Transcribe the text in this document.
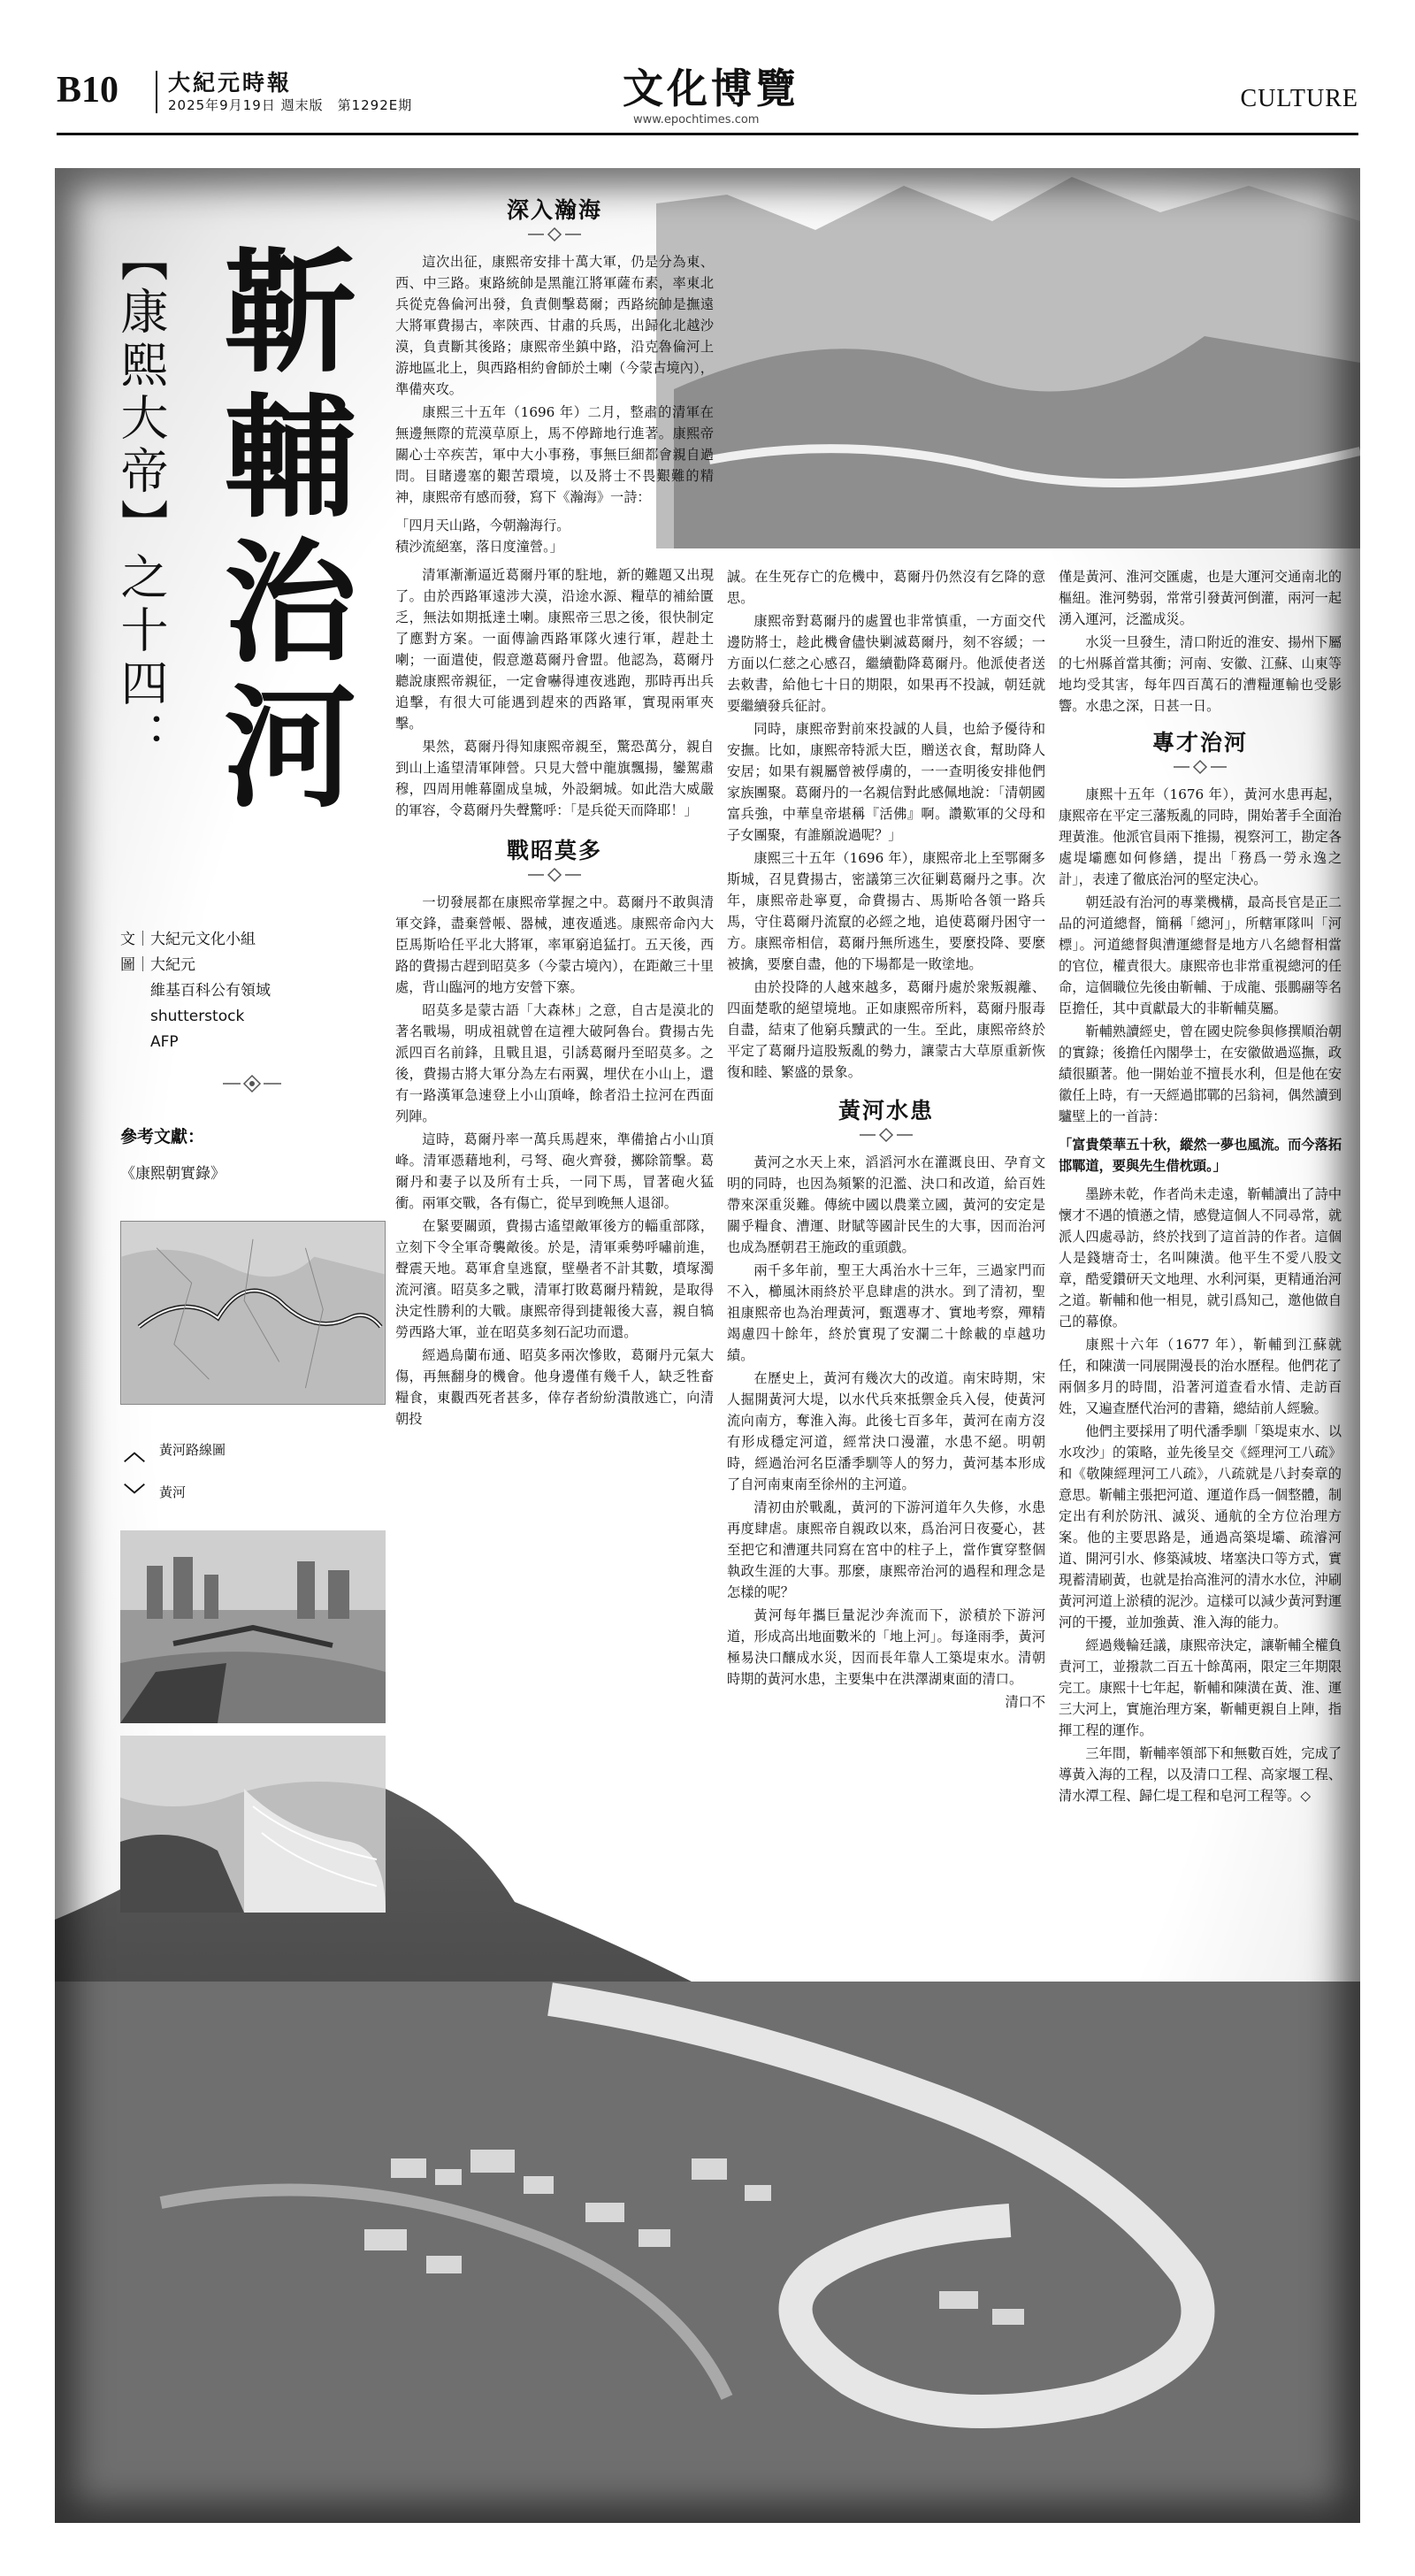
B10 大紀元時報
2025年9月19日 週末版　第1292E期	文化博覽
www.epochtimes.com
CULTURE
【康熙大帝】之十四： 靳輔治河
文｜大紀元文化小組
圖｜大紀元
維基百科公有領域
shutterstock
AFP
參考文獻：
《康熙朝實錄》
︿ 黃河路線圖
﹀ 黃河
深入瀚海

這次出征，康熙帝安排十萬大軍，仍是分為東、西、中三路。東路統帥是黑龍江將軍薩布素，率東北兵從克魯倫河出發，負責側擊葛爾；西路統帥是撫遠大將軍費揚古，率陝西、甘肅的兵馬，出歸化北越沙漠，負責斷其後路；康熙帝坐鎮中路，沿克魯倫河上游地區北上，與西路相約會師於土喇（今蒙古境內），準備夾攻。

康熙三十五年（1696 年）二月，整肅的清軍在無邊無際的荒漠草原上，馬不停蹄地行進著。康熙帝關心士卒疾苦，軍中大小事務，事無巨細都會親自過問。目睹邊塞的艱苦環境，以及將士不畏艱難的精神，康熙帝有感而發，寫下《瀚海》一詩：

「四月天山路，今朝瀚海行。

積沙流絕塞，落日度潼營。」

清軍漸漸逼近葛爾丹軍的駐地，新的難題又出現了。由於西路軍遠涉大漠，沿途水源、糧草的補給匱乏，無法如期抵達土喇。康熙帝三思之後，很快制定了應對方案。一面傳諭西路軍隊火速行軍，趕赴土喇；一面遣使，假意邀葛爾丹會盟。他認為，葛爾丹聽說康熙帝親征，一定會嚇得連夜逃跑，那時再出兵追擊，有很大可能遇到趕來的西路軍，實現兩軍夾擊。

果然，葛爾丹得知康熙帝親至，驚恐萬分，親自到山上遙望清軍陣營。只見大營中龍旗飄揚，鑾駕肅穆，四周用帷幕圍成皇城，外設網城。如此浩大威嚴的軍容，令葛爾丹失聲驚呼：「是兵從天而降耶！」

戰昭莫多

一切發展都在康熙帝掌握之中。葛爾丹不敢與清軍交鋒，盡棄營帳、器械，連夜遁逃。康熙帝命內大臣馬斯哈任平北大將軍，率軍窮追猛打。五天後，西路的費揚古趕到昭莫多（今蒙古境內），在距敵三十里處，背山臨河的地方安營下寨。

昭莫多是蒙古語「大森林」之意，自古是漠北的著名戰場，明成祖就曾在這裡大破阿魯台。費揚古先派四百名前鋒，且戰且退，引誘葛爾丹至昭莫多。之後，費揚古將大軍分為左右兩翼，埋伏在小山上，還有一路漢軍急速登上小山頂峰，餘者沿土拉河在西面列陣。

這時，葛爾丹率一萬兵馬趕來，準備搶占小山頂峰。清軍憑藉地利，弓弩、砲火齊發，擲除箭擊。葛爾丹和妻子以及所有士兵，一同下馬，冒著砲火猛衝。兩軍交戰，各有傷亡，從早到晚無人退卻。

在緊要關頭，費揚古遙望敵軍後方的輜重部隊，立刻下令全軍奇襲敵後。於是，清軍乘勢呼嘯前進，聲震天地。葛軍倉皇逃竄，壁壘者不計其數，墳塚濁流河濱。昭莫多之戰，清軍打敗葛爾丹精銳，是取得決定性勝利的大戰。康熙帝得到捷報後大喜，親自犒勞西路大軍，並在昭莫多刻石記功而還。

經過烏蘭布通、昭莫多兩次慘敗，葛爾丹元氣大傷，再無翻身的機會。他身邊僅有幾千人，缺乏牲畜糧食，東觀西死者甚多，倖存者紛紛潰散逃亡，向清朝投

誠。在生死存亡的危機中，葛爾丹仍然沒有乞降的意思。

康熙帝對葛爾丹的處置也非常慎重，一方面交代邊防將士，趁此機會儘快剿滅葛爾丹，刻不容緩；一方面以仁慈之心感召，繼續勸降葛爾丹。他派使者送去敕書，給他七十日的期限，如果再不投誠，朝廷就要繼續發兵征討。

同時，康熙帝對前來投誠的人員，也給予優待和安撫。比如，康熙帝特派大臣，贈送衣食，幫助降人安居；如果有親屬曾被俘虜的，一一查明後安排他們家族團聚。葛爾丹的一名親信對此感佩地說：「清朝國富兵強，中華皇帝堪稱『活佛』啊。讚歎軍的父母和子女團聚，有誰願說過呢？」

康熙三十五年（1696 年），康熙帝北上至鄂爾多斯城，召見費揚古，密議第三次征剿葛爾丹之事。次年，康熙帝赴寧夏，命費揚古、馬斯哈各領一路兵馬，守住葛爾丹流竄的必經之地，追使葛爾丹困守一方。康熙帝相信，葛爾丹無所逃生，要麼投降、要麼被擒，要麼自盡，他的下場都是一敗塗地。

由於投降的人越來越多，葛爾丹處於衆叛親離、四面楚歌的絕望境地。正如康熙帝所料，葛爾丹服毒自盡，結束了他窮兵黷武的一生。至此，康熙帝終於平定了葛爾丹這股叛亂的勢力，讓蒙古大草原重新恢復和睦、繁盛的景象。

黃河水患

黃河之水天上來，滔滔河水在灌溉良田、孕育文明的同時，也因為頻繁的氾濫、決口和改道，給百姓帶來深重災難。傳統中國以農業立國，黃河的安定是關乎糧食、漕運、財賦等國計民生的大事，因而治河也成為歷朝君王施政的重頭戲。

兩千多年前，聖王大禹治水十三年，三過家門而不入，櫛風沐雨終於平息肆虐的洪水。到了清初，聖祖康熙帝也為治理黃河，甄選專才、實地考察，殫精竭慮四十餘年，終於實現了安瀾二十餘載的卓越功績。

在歷史上，黃河有幾次大的改道。南宋時期，宋人掘開黃河大堤，以水代兵來抵禦金兵入侵，使黃河流向南方，奪淮入海。此後七百多年，黃河在南方沒有形成穩定河道，經常決口漫灌，水患不絕。明朝時，經過治河名臣潘季馴等人的努力，黃河基本形成了自河南東南至徐州的主河道。

清初由於戰亂，黃河的下游河道年久失修，水患再度肆虐。康熙帝自親政以來，爲治河日夜憂心，甚至把它和漕運共同寫在宮中的柱子上，當作實穿整個執政生涯的大事。那麼，康熙帝治河的過程和理念是怎樣的呢？

黃河每年攜巨量泥沙奔流而下，淤積於下游河道，形成高出地面數米的「地上河」。每逢雨季，黃河極易決口釀成水災，因而長年靠人工築堤束水。清朝時期的黃河水患，主要集中在洪澤湖東面的清口。

清口不

僅是黃河、淮河交匯處，也是大運河交通南北的樞紐。淮河勢弱，常常引發黃河倒灌，兩河一起湧入運河，泛濫成災。

水災一旦發生，清口附近的淮安、揚州下屬的七州縣首當其衝；河南、安徽、江蘇、山東等地均受其害，每年四百萬石的漕糧運輸也受影響。水患之深，日甚一日。

專才治河

康熙十五年（1676 年），黃河水患再起，康熙帝在平定三藩叛亂的同時，開始著手全面治理黃淮。他派官員兩下推揚，視察河工，勘定各處堤壩應如何修繕，提出「務爲一勞永逸之計」，表達了徹底治河的堅定決心。

朝廷設有治河的專業機構，最高長官是正二品的河道總督，簡稱「總河」，所轄軍隊叫「河標」。河道總督與漕運總督是地方八名總督相當的官位，權責很大。康熙帝也非常重視總河的任命，這個職位先後由靳輔、于成龍、張鵬翮等名臣擔任，其中貢獻最大的非靳輔莫屬。

靳輔熟讀經史，曾在國史院參與修撰順治朝的實錄；後擔任內閣學士，在安徽做過巡撫，政績很顯著。他一開始並不擅長水利，但是他在安徽任上時，有一天經過邯鄲的呂翁祠，偶然讀到驢壁上的一首詩：

「富貴榮華五十秋，縱然一夢也風流。而今落拓邯鄲道，要與先生借枕頭。」

墨跡未乾，作者尚未走遠，靳輔讀出了詩中懷才不遇的憤懣之情，感覺這個人不同尋常，就派人四處尋訪，終於找到了這首詩的作者。這個人是錢塘奇士，名叫陳潢。他平生不愛八股文章，酷愛鑽研天文地理、水利河渠，更精通治河之道。靳輔和他一相見，就引爲知己，邀他做自己的幕僚。

康熙十六年（1677 年），靳輔到江蘇就任，和陳潢一同展開漫長的治水歷程。他們花了兩個多月的時間，沿著河道查看水情、走訪百姓，又遍查歷代治河的書籍，總結前人經驗。

他們主要採用了明代潘季馴「築堤束水、以水攻沙」的策略，並先後呈交《經理河工八疏》和《敬陳經理河工八疏》，八疏就是八封奏章的意思。靳輔主張把河道、運道作爲一個整體，制定出有利於防汛、滅災、通航的全方位治理方案。他的主要思路是，通過高築堤壩、疏濬河道、開河引水、修築減坡、堵塞決口等方式，實現蓄清刷黃，也就是抬高淮河的清水水位，沖刷黃河河道上淤積的泥沙。這樣可以減少黃河對運河的干擾，並加強黃、淮入海的能力。

經過幾輪廷議，康熙帝決定，讓靳輔全權負責河工，並撥款二百五十餘萬兩，限定三年期限完工。康熙十七年起，靳輔和陳潢在黃、淮、運三大河上，實施治理方案，靳輔更親自上陣，指揮工程的運作。

三年間，靳輔率領部下和無數百姓，完成了導黃入海的工程，以及清口工程、高家堰工程、清水潭工程、歸仁堤工程和皂河工程等。◇
